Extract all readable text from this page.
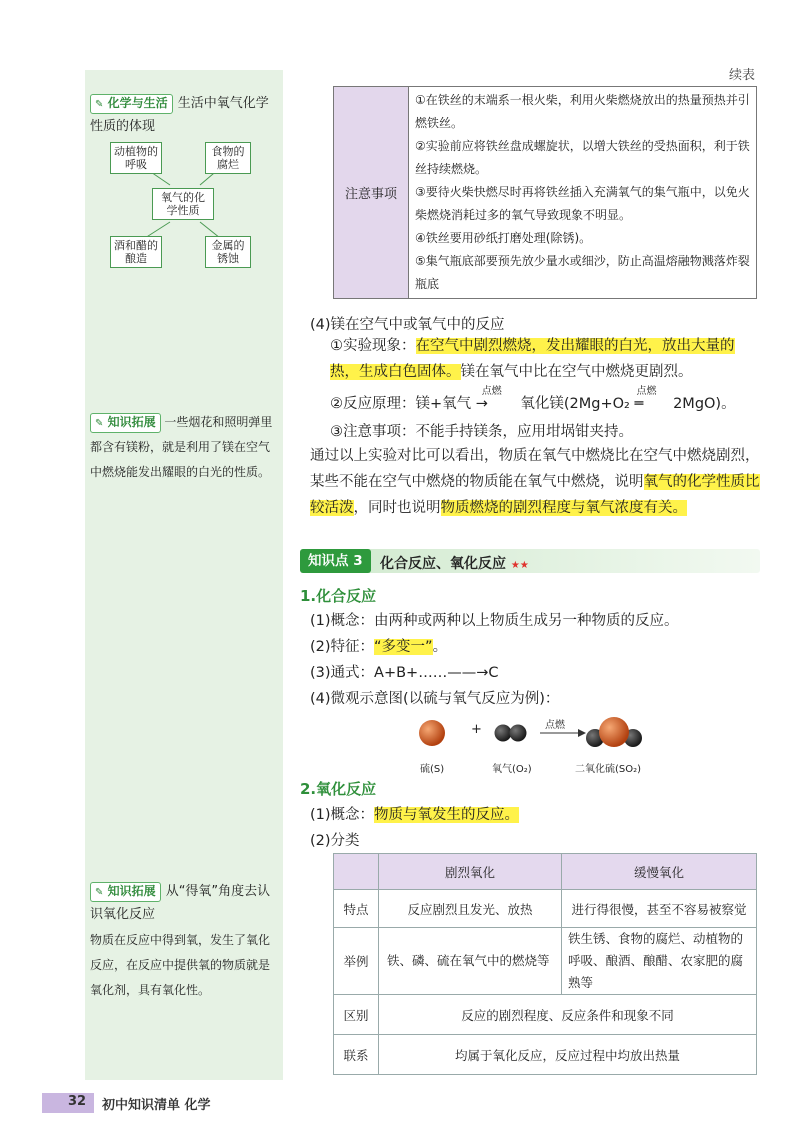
续表
✎ 化学与生活 生活中氧气化学性质的体现
动植物的呼吸
食物的腐烂
氧气的化学性质
酒和醋的酿造
金属的锈蚀
✎ 知识拓展 一些烟花和照明弹里都含有镁粉，就是利用了镁在空气中燃烧能发出耀眼的白光的性质。
✎ 知识拓展 从“得氧”角度去认识氧化反应
物质在反应中得到氧，发生了氧化反应，在反应中提供氧的物质就是氧化剂，具有氧化性。
注意事项	
①在铁丝的末端系一根火柴，利用火柴燃烧放出的热量预热并引燃铁丝。
②实验前应将铁丝盘成螺旋状，以增大铁丝的受热面积，利于铁丝持续燃烧。
③要待火柴快燃尽时再将铁丝插入充满氧气的集气瓶中，以免火柴燃烧消耗过多的氧气导致现象不明显。
④铁丝要用砂纸打磨处理(除锈)。
⑤集气瓶底部要预先放少量水或细沙，防止高温熔融物溅落炸裂瓶底
(4)镁在空气中或氧气中的反应
①实验现象：在空气中剧烈燃烧，发出耀眼的白光，放出大量的热，生成白色固体。镁在氧气中比在空气中燃烧更剧烈。
②反应原理：镁+氧气
点燃
→ 氧化镁(2Mg+O₂
点燃
═ 2MgO)。
③注意事项：不能手持镁条，应用坩埚钳夹持。
通过以上实验对比可以看出，物质在氧气中燃烧比在空气中燃烧剧烈，某些不能在空气中燃烧的物质能在氧气中燃烧，说明氧气的化学性质比较活泼，同时也说明物质燃烧的剧烈程度与氧气浓度有关。
知识点 3	化合反应、氧化反应 ★★
1.化合反应
(1)概念：由两种或两种以上物质生成另一种物质的反应。
(2)特征：“多变一”。
(3)通式：A+B+……——→C
(4)微观示意图(以硫与氧气反应为例)：
+	点燃
硫(S)	氧气(O₂)	二氧化硫(SO₂)
2.氧化反应
(1)概念：物质与氧发生的反应。
(2)分类
	剧烈氧化	缓慢氧化
特点	反应剧烈且发光、放热	进行得很慢，甚至不容易被察觉
举例	铁、磷、硫在氧气中的燃烧等	铁生锈、食物的腐烂、动植物的呼吸、酿酒、酿醋、农家肥的腐熟等
区别	反应的剧烈程度、反应条件和现象不同	
联系	均属于氧化反应，反应过程中均放出热量	
32 初中知识清单 化学
